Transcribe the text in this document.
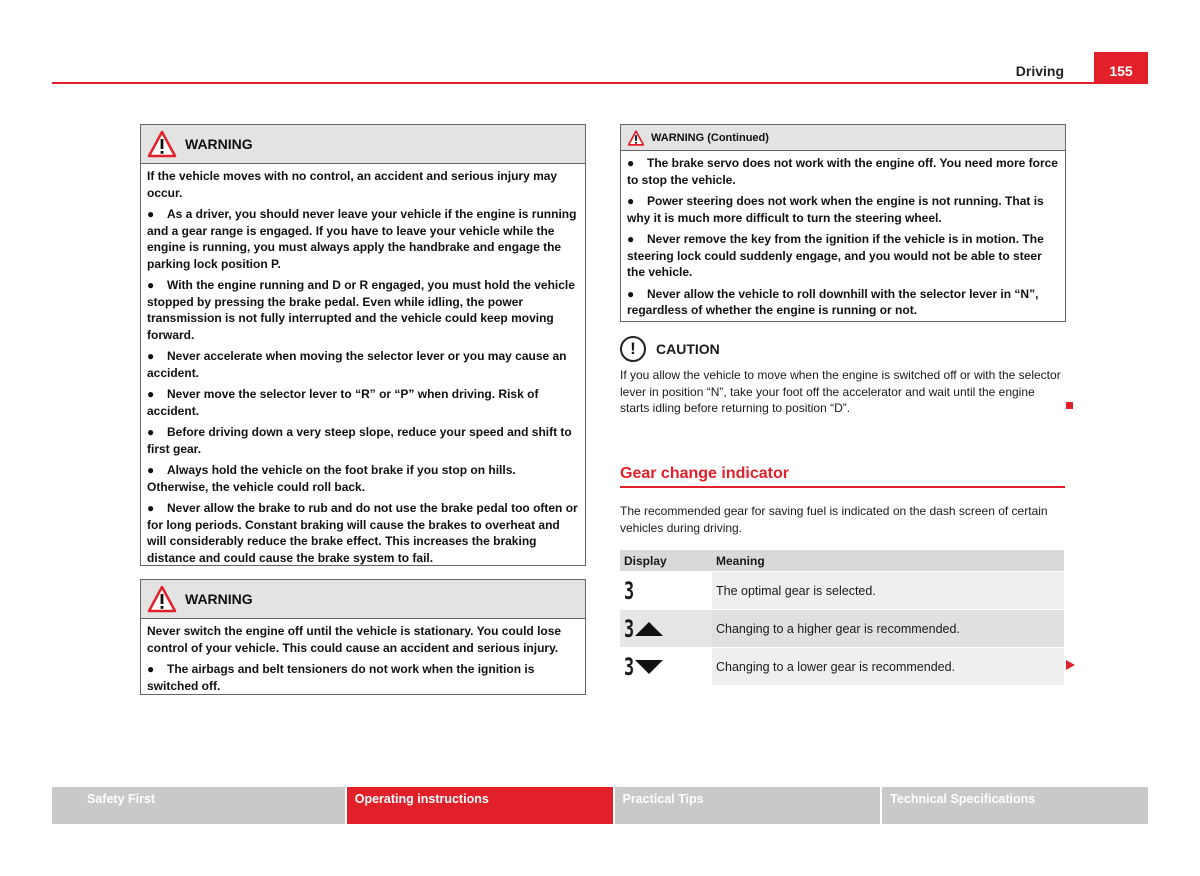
Driving	155
WARNING

If the vehicle moves with no control, an accident and serious injury may occur.

● As a driver, you should never leave your vehicle if the engine is running and a gear range is engaged. If you have to leave your vehicle while the engine is running, you must always apply the handbrake and engage the parking lock position P.

● With the engine running and D or R engaged, you must hold the vehicle stopped by pressing the brake pedal. Even while idling, the power transmission is not fully interrupted and the vehicle could keep moving forward.

● Never accelerate when moving the selector lever or you may cause an accident.

● Never move the selector lever to “R” or “P” when driving. Risk of accident.

● Before driving down a very steep slope, reduce your speed and shift to first gear.

● Always hold the vehicle on the foot brake if you stop on hills. Otherwise, the vehicle could roll back.

● Never allow the brake to rub and do not use the brake pedal too often or for long periods. Constant braking will cause the brakes to overheat and will considerably reduce the brake effect. This increases the braking distance and could cause the brake system to fail.

WARNING

Never switch the engine off until the vehicle is stationary. You could lose control of your vehicle. This could cause an accident and serious injury.

● The airbags and belt tensioners do not work when the ignition is switched off.

WARNING (Continued)

● The brake servo does not work with the engine off. You need more force to stop the vehicle.

● Power steering does not work when the engine is not running. That is why it is much more difficult to turn the steering wheel.

● Never remove the key from the ignition if the vehicle is in motion. The steering lock could suddenly engage, and you would not be able to steer the vehicle.

● Never allow the vehicle to roll downhill with the selector lever in “N”, regardless of whether the engine is running or not.

!	CAUTION
If you allow the vehicle to move when the engine is switched off or with the selector lever in position “N”, take your foot off the accelerator and wait until the engine starts idling before returning to position “D”.
Gear change indicator
The recommended gear for saving fuel is indicated on the dash screen of certain vehicles during driving.
Display	Meaning
3	The optimal gear is selected.
3	Changing to a higher gear is recommended.
3	Changing to a lower gear is recommended.
Safety First	Operating instructions	Practical Tips	Technical Specifications
